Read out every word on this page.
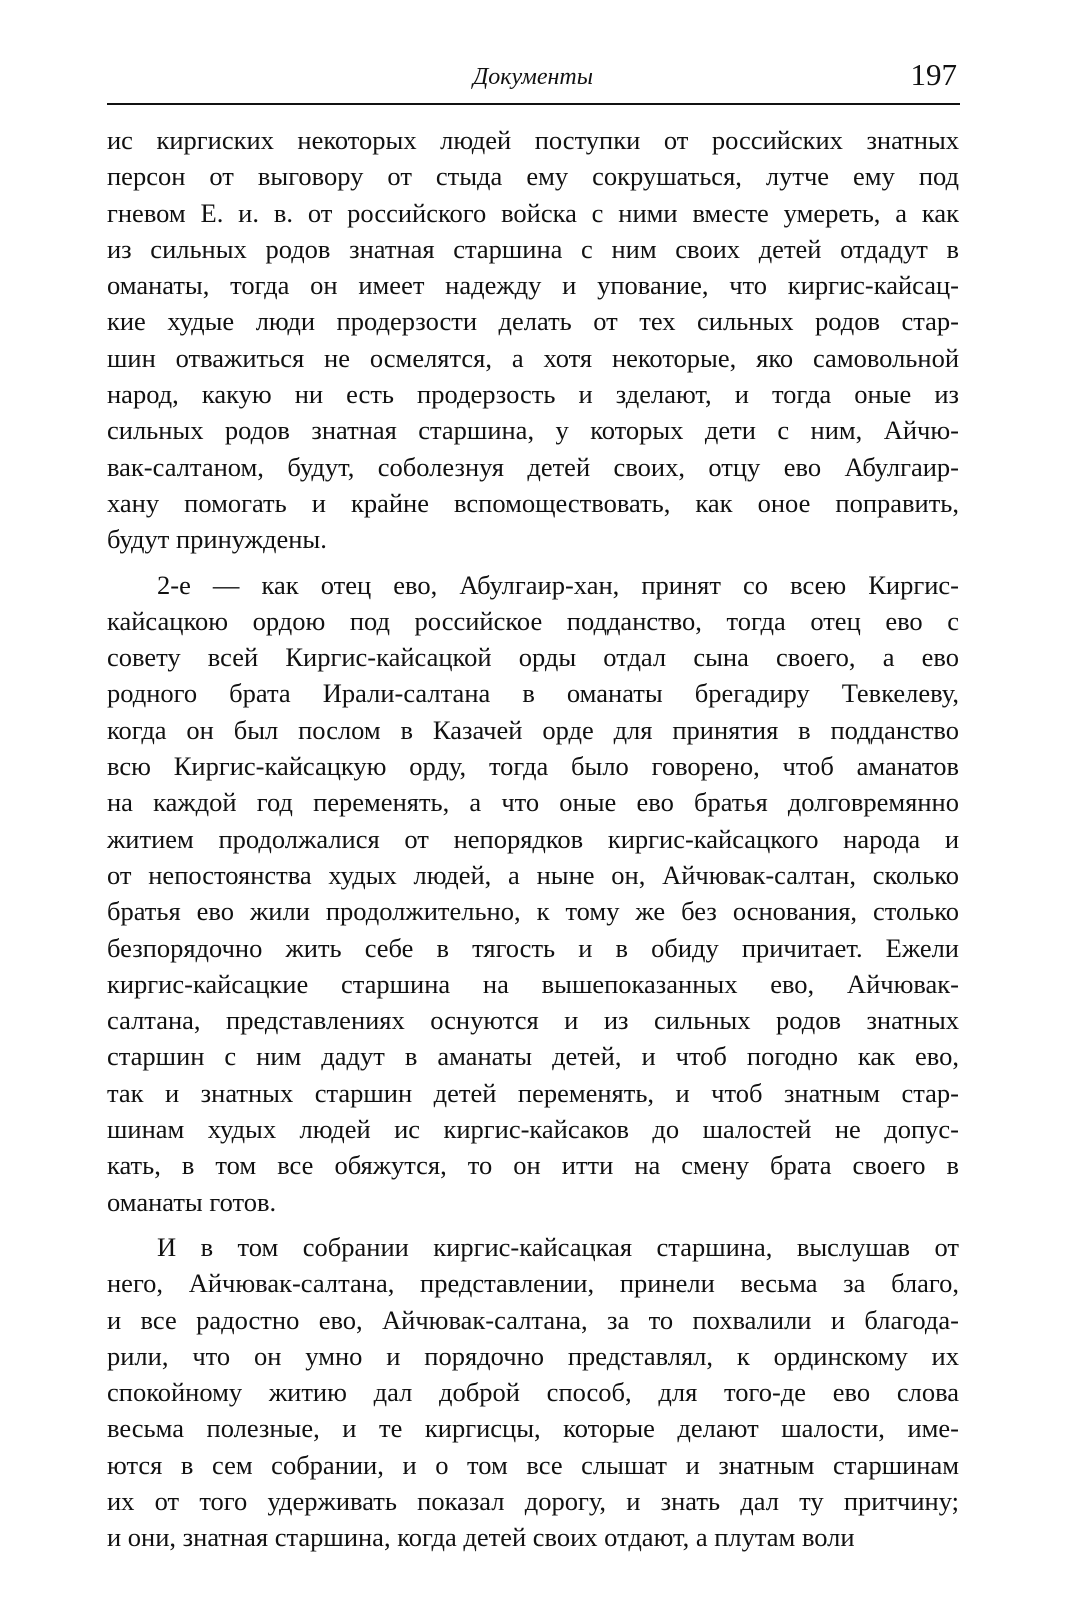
Документы	197
ис киргиских некоторых людей поступки от российских знатных
персон от выговору от стыда ему сокрушаться, лутче ему под
гневом Е. и. в. от российского войска с ними вместе умереть, а как
из сильных родов знатная старшина с ним своих детей отдадут в
оманаты, тогда он имеет надежду и упование, что киргис-кайсац-
кие худые люди продерзости делать от тех сильных родов стар-
шин отважиться не осмелятся, а хотя некоторые, яко самовольной
народ, какую ни есть продерзость и зделают, и тогда оные из
сильных родов знатная старшина, у которых дети с ним, Айчю-
вак-салтаном, будут, соболезнуя детей своих, отцу ево Абулгаир-
хану помогать и крайне вспомоществовать, как оное поправить,
будут принуждены.
2-е — как отец ево, Абулгаир-хан, принят со всею Киргис-
кайсацкою ордою под российское подданство, тогда отец ево с
совету всей Киргис-кайсацкой орды отдал сына своего, а ево
родного брата Ирали-салтана в оманаты брегадиру Тевкелеву,
когда он был послом в Казачей орде для принятия в подданство
всю Киргис-кайсацкую орду, тогда было говорено, чтоб аманатов
на каждой год переменять, а что оные ево братья долговремянно
житием продолжалися от непорядков киргис-кайсацкого народа и
от непостоянства худых людей, а ныне он, Айчювак-салтан, сколько
братья ево жили продолжительно, к тому же без основания, столько
безпорядочно жить себе в тягость и в обиду причитает. Ежели
киргис-кайсацкие старшина на вышепоказанных ево, Айчювак-
салтана, представлениях оснуются и из сильных родов знатных
старшин с ним дадут в аманаты детей, и чтоб погодно как ево,
так и знатных старшин детей переменять, и чтоб знатным стар-
шинам худых людей ис киргис-кайсаков до шалостей не допус-
кать, в том все обяжутся, то он итти на смену брата своего в
оманаты готов.
И в том собрании киргис-кайсацкая старшина, выслушав от
него, Айчювак-салтана, представлении, принели весьма за благо,
и все радостно ево, Айчювак-салтана, за то похвалили и благода-
рили, что он умно и порядочно представлял, к ординскому их
спокойному житию дал доброй способ, для того-де ево слова
весьма полезные, и те киргисцы, которые делают шалости, име-
ются в сем собрании, и о том все слышат и знатным старшинам
их от того удерживать показал дорогу, и знать дал ту притчину;
и они, знатная старшина, когда детей своих отдают, а плутам воли
